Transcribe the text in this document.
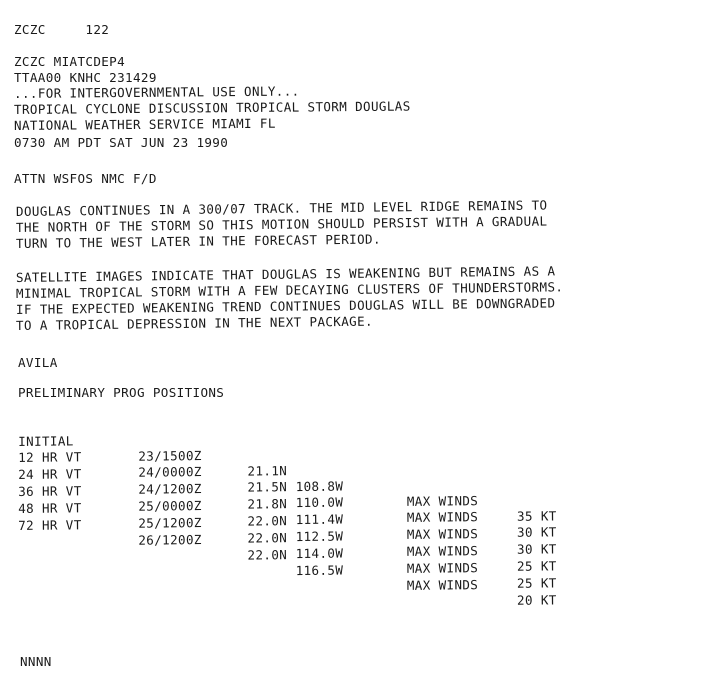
ZCZC	122

ZCZC MIATCDEP4

TTAA00 KNHC 231429

...FOR INTERGOVERNMENTAL USE ONLY...

TROPICAL CYCLONE DISCUSSION TROPICAL STORM DOUGLAS

NATIONAL WEATHER SERVICE MIAMI FL

0730 AM PDT SAT JUN 23 1990

ATTN WSFOS NMC F/D

DOUGLAS CONTINUES IN A 300/07 TRACK. THE MID LEVEL RIDGE REMAINS TO

THE NORTH OF THE STORM SO THIS MOTION SHOULD PERSIST WITH A GRADUAL

TURN TO THE WEST LATER IN THE FORECAST PERIOD.

SATELLITE IMAGES INDICATE THAT DOUGLAS IS WEAKENING BUT REMAINS AS A

MINIMAL TROPICAL STORM WITH A FEW DECAYING CLUSTERS OF THUNDERSTORMS.

IF THE EXPECTED WEAKENING TREND CONTINUES DOUGLAS WILL BE DOWNGRADED

TO A TROPICAL DEPRESSION IN THE NEXT PACKAGE.

AVILA

PRELIMINARY PROG POSITIONS

INITIAL

23/1500Z

21.1N

108.8W

MAX WINDS

35 KT

12 HR VT

24/0000Z

21.5N

110.0W

MAX WINDS

30 KT

24 HR VT

24/1200Z

21.8N

111.4W

MAX WINDS

30 KT

36 HR VT

25/0000Z

22.0N

112.5W

MAX WINDS

25 KT

48 HR VT

25/1200Z

22.0N

114.0W

MAX WINDS

25 KT

72 HR VT

26/1200Z

22.0N

116.5W

MAX WINDS

20 KT

NNNN
